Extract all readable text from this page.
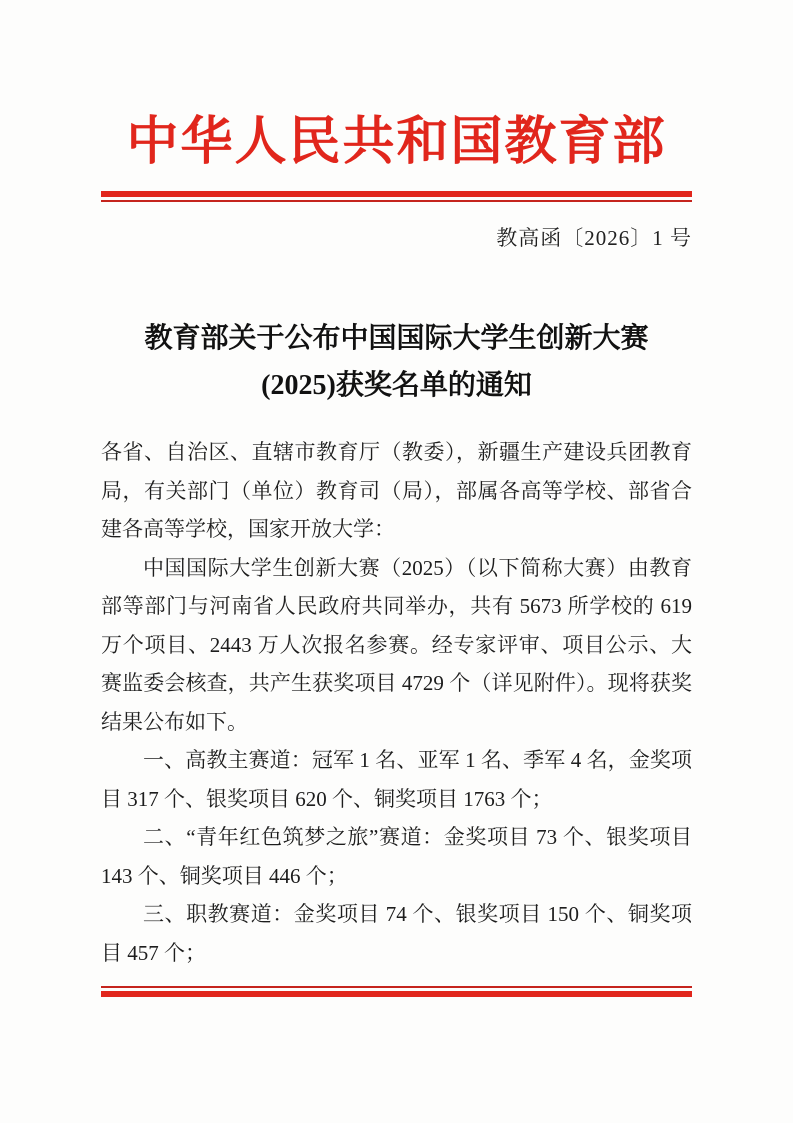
中华人民共和国教育部
教高函〔2026〕1 号
教育部关于公布中国国际大学生创新大赛
(2025)获奖名单的通知

各省、自治区、直辖市教育厅（教委），新疆生产建设兵团教育局，有关部门（单位）教育司（局），部属各高等学校、部省合建各高等学校，国家开放大学：

中国国际大学生创新大赛（2025）（以下简称大赛）由教育部等部门与河南省人民政府共同举办，共有 5673 所学校的 619 万个项目、2443 万人次报名参赛。经专家评审、项目公示、大赛监委会核查，共产生获奖项目 4729 个（详见附件）。现将获奖结果公布如下。

一、高教主赛道：冠军 1 名、亚军 1 名、季军 4 名，金奖项目 317 个、银奖项目 620 个、铜奖项目 1763 个；

二、“青年红色筑梦之旅”赛道：金奖项目 73 个、银奖项目 143 个、铜奖项目 446 个；

三、职教赛道：金奖项目 74 个、银奖项目 150 个、铜奖项目 457 个；
